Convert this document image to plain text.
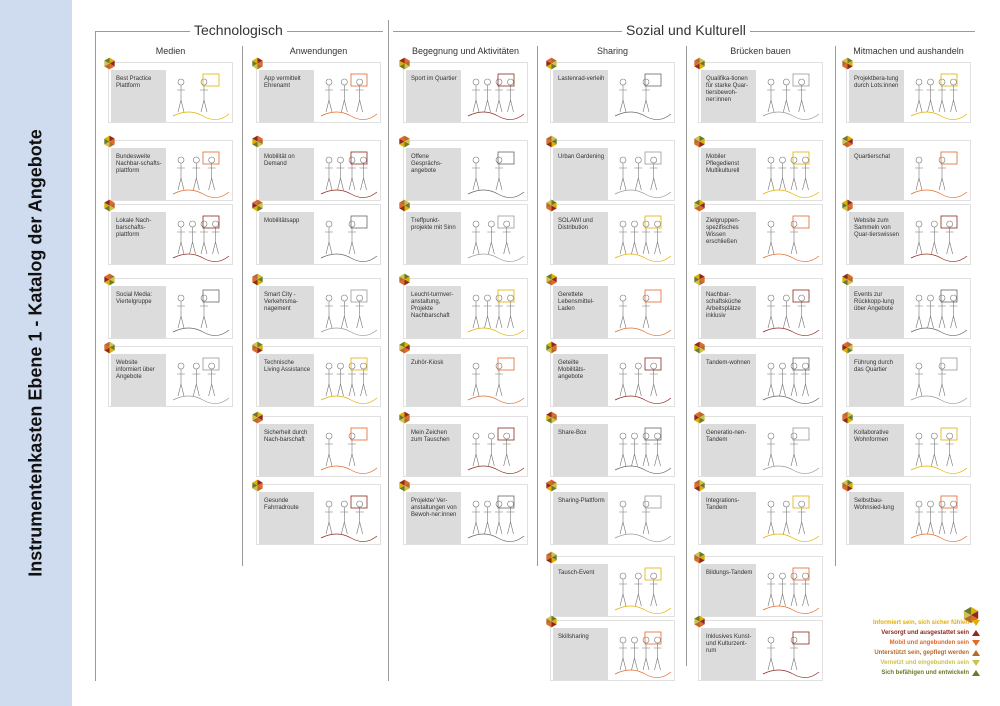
Instrumentenkasten Ebene 1 - Katalog der Angebote
Technologisch	Sozial und Kulturell
Medien
Best Practice Plattform
Bundesweite Nachbar-schafts-plattform
Lokale Nach-barschafts-plattform
Social Media: Viertelgruppe
Website informiert über Angebote
Anwendungen
App vermittelt Ehrenamt
Mobilität on Demand
Mobilitätsapp
Smart City - Verkehrsma-nagement
Technische Living Assistance
Sicherheit durch Nach-barschaft
Gesunde Fahrradroute
Begegnung und Aktivitäten
Sport im Quartier
Offene Gesprächs-angebote
Treffpunkt-projekte mit Sinn
Leucht-turmver-anstaltung, Projekte Nachbarschaft
Zuhör-Kiosk
Mein Zeichen zum Tauschen
Projekte/ Ver-anstaltungen von Bewoh-ner:innen
Sharing
Lastenrad-verleih
Urban Gardening
SOLAWI und Distribution
Gerettete Lebensmittel-Laden
Geteilte Mobilitäts-angebote
Share-Box
Sharing-Plattform
Tausch-Event
Skillsharing
Brücken bauen
Qualifika-tionen für starke Quar-tiersbewoh-ner:innen
Mobiler Pflegedienst Multikulturell
Zielgruppen-spezifisches Wissen erschließen
Nachbar-schaftsküche Arbeitsplätze inklusiv
Tandem-wohnen
Generatio-nen-Tandem
Integrations-Tandem
Bildungs-Tandem
Inklusives Kunst- und Kulturzent-rum
Mitmachen und aushandeln
Projektbera-tung durch Lots:innen
Quartierschat
Website zum Sammeln von Quar-tierswissen
Events zur Rückkopp-lung über Angebote
Führung durch das Quartier
Kollaborative Wohnformen
Selbstbau-Wohnsied-lung
Informiert sein, sich sicher fühlen
Versorgt und ausgestattet sein
Mobil und angebunden sein
Unterstützt sein, gepflegt werden
Vernetzt und eingebunden sein
Sich befähigen und entwickeln
